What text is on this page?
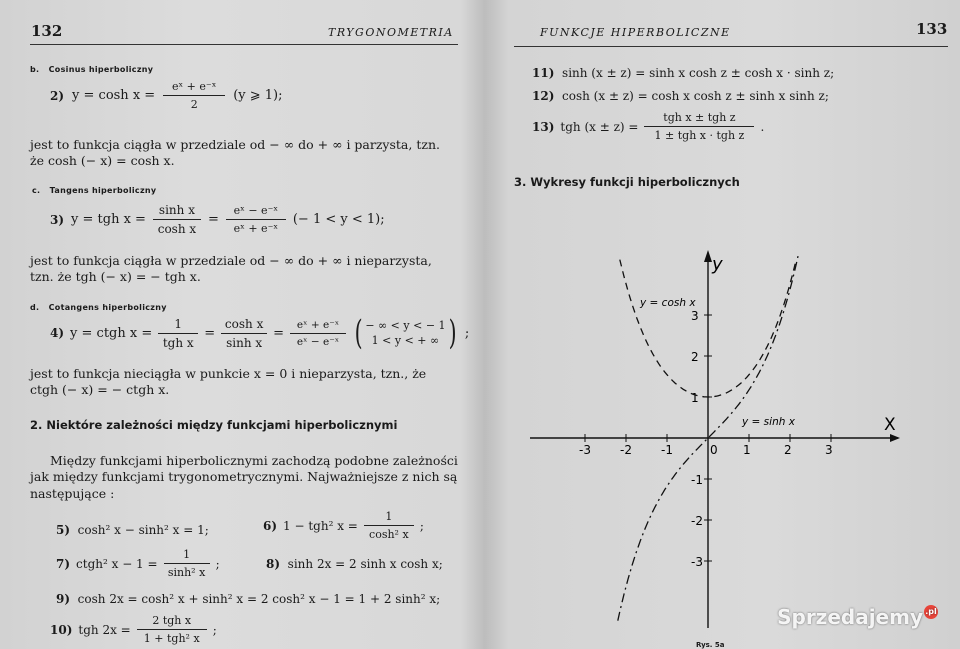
132	TRYGONOMETRIA
b. Cosinus hiperboliczny
2) y = cosh x =
eˣ + e⁻ˣ
2
(y ⩾ 1);
jest to funkcja ciągła w przedziale od − ∞ do + ∞ i parzysta, tzn.
że cosh (− x) = cosh x.
c. Tangens hiperboliczny
3) y = tgh x =
sinh x
cosh x
=
eˣ − e⁻ˣ
eˣ + e⁻ˣ
(− 1 < y < 1);
jest to funkcja ciągła w przedziale od − ∞ do + ∞ i nieparzysta,
tzn. że tgh (− x) = − tgh x.
d. Cotangens hiperboliczny
4) y = ctgh x =
1
tgh x
=
cosh x
sinh x
=
eˣ + e⁻ˣ
eˣ − e⁻ˣ ( − ∞ < y < − 1
1 < y < + ∞ ) ;
jest to funkcja nieciągła w punkcie x = 0 i nieparzysta, tzn., że
ctgh (− x) = − ctgh x.
2. Niektóre zależności między funkcjami hiperbolicznymi
Między funkcjami hiperbolicznymi zachodzą podobne zależności
jak między funkcjami trygonometrycznymi. Najważniejsze z nich są
następujące :
5) cosh² x − sinh² x = 1;	6) 1 − tgh² x =
1
cosh² x
;
7) ctgh² x − 1 =
1
sinh² x
;	8) sinh 2x = 2 sinh x cosh x;
9) cosh 2x = cosh² x + sinh² x = 2 cosh² x − 1 = 1 + 2 sinh² x;
10) tgh 2x =
2 tgh x
1 + tgh² x
;
FUNKCJE HIPERBOLICZNE	133
11) sinh (x ± z) = sinh x cosh z ± cosh x · sinh z;
12) cosh (x ± z) = cosh x cosh z ± sinh x sinh z;
13) tgh (x ± z) =
tgh x ± tgh z
1 ± tgh x · tgh z
.
3. Wykresy funkcji hiperbolicznych
-3 -2 -1	1	2	3
3
2
1
-1
-2
-3
y
X
0
y = cosh x
y = sinh x
Rys. 5a
Sprzedajemy .pl
